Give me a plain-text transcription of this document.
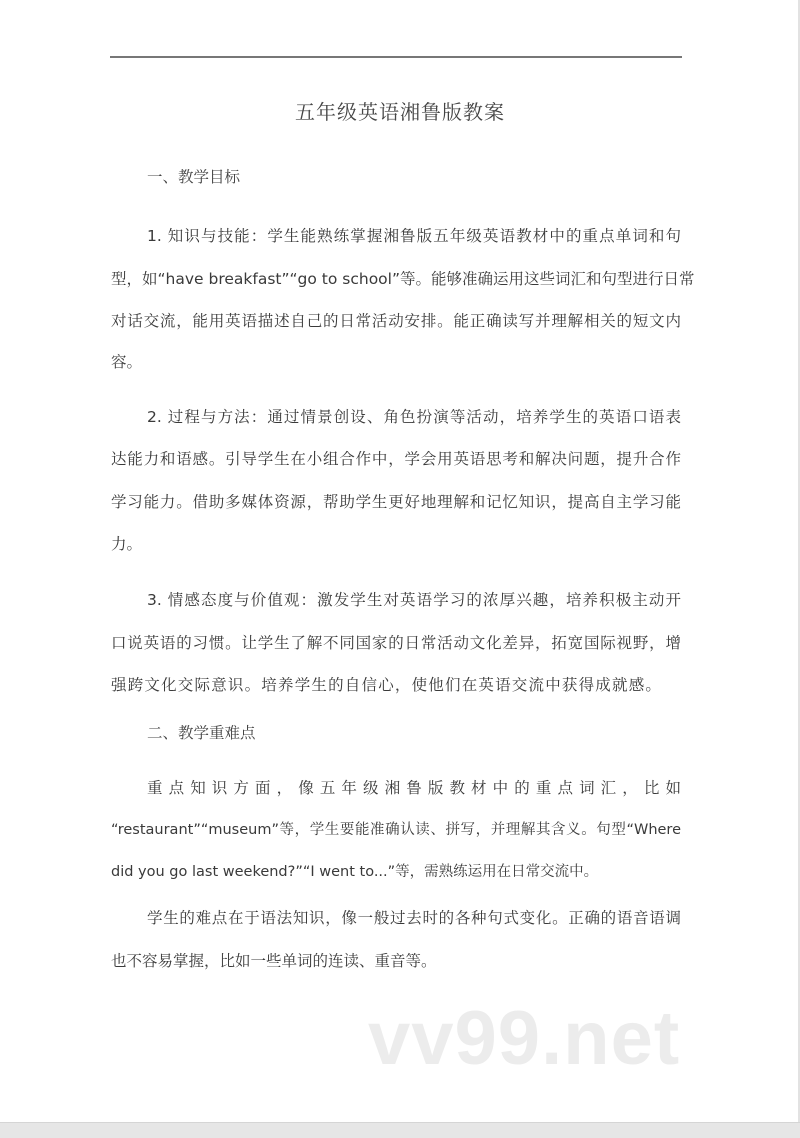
五年级英语湘鲁版教案
一、教学目标
1. 知识与技能：学生能熟练掌握湘鲁版五年级英语教材中的重点单词和句
型，如“have breakfast”“go to school”等。能够准确运用这些词汇和句型进行日常
对话交流，能用英语描述自己的日常活动安排。能正确读写并理解相关的短文内
容。
2. 过程与方法：通过情景创设、角色扮演等活动，培养学生的英语口语表
达能力和语感。引导学生在小组合作中，学会用英语思考和解决问题，提升合作
学习能力。借助多媒体资源，帮助学生更好地理解和记忆知识，提高自主学习能
力。
3. 情感态度与价值观：激发学生对英语学习的浓厚兴趣，培养积极主动开
口说英语的习惯。让学生了解不同国家的日常活动文化差异，拓宽国际视野，增
强跨文化交际意识。培养学生的自信心，使他们在英语交流中获得成就感。
二、教学重难点
重点知识方面，像五年级湘鲁版教材中的重点词汇，比如
“restaurant”“museum”等，学生要能准确认读、拼写，并理解其含义。句型“Where
did you go last weekend?”“I went to...”等，需熟练运用在日常交流中。
学生的难点在于语法知识，像一般过去时的各种句式变化。正确的语音语调
也不容易掌握，比如一些单词的连读、重音等。
vv99.net
